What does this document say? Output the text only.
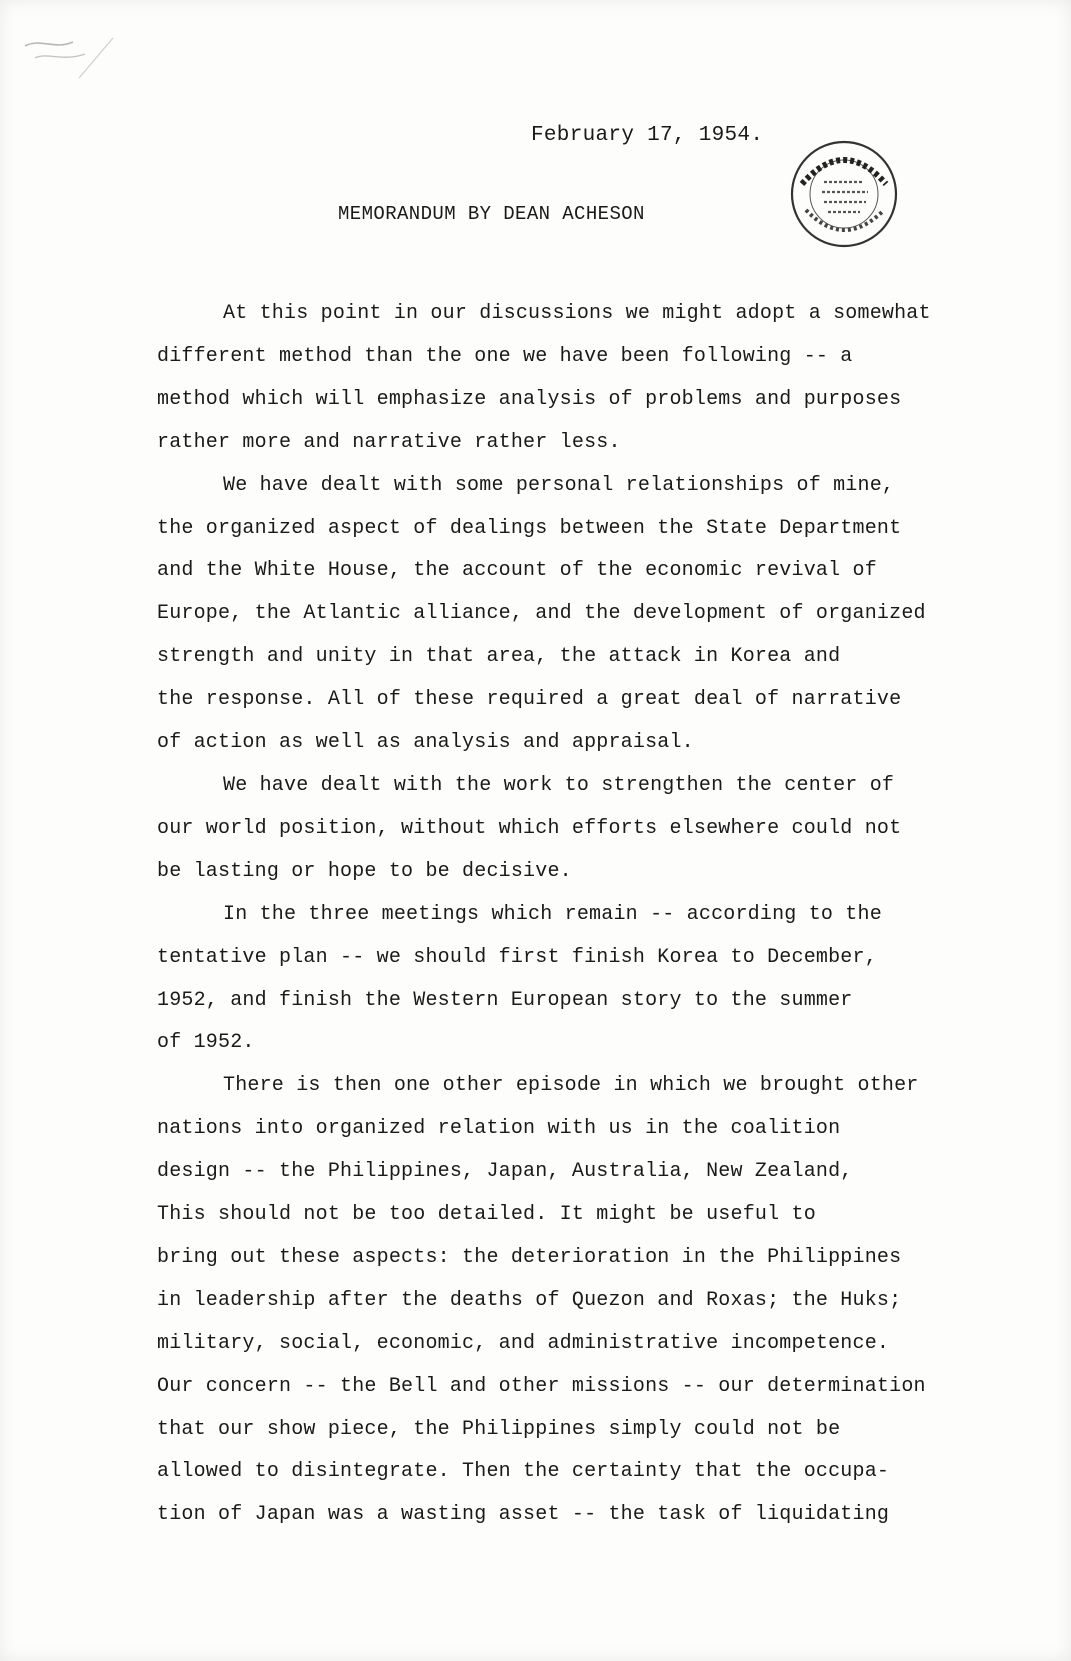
February 17, 1954.
MEMORANDUM BY DEAN ACHESON

At this point in our discussions we might adopt a somewhat
different method than the one we have been following -- a
method which will emphasize analysis of problems and purposes
rather more and narrative rather less.

We have dealt with some personal relationships of mine,
the organized aspect of dealings between the State Department
and the White House, the account of the economic revival of
Europe, the Atlantic alliance, and the development of organized
strength and unity in that area, the attack in Korea and
the response. All of these required a great deal of narrative
of action as well as analysis and appraisal.

We have dealt with the work to strengthen the center of
our world position, without which efforts elsewhere could not
be lasting or hope to be decisive.

In the three meetings which remain -- according to the
tentative plan -- we should first finish Korea to December,
1952, and finish the Western European story to the summer
of 1952.

There is then one other episode in which we brought other
nations into organized relation with us in the coalition
design -- the Philippines, Japan, Australia, New Zealand,
This should not be too detailed. It might be useful to
bring out these aspects: the deterioration in the Philippines
in leadership after the deaths of Quezon and Roxas; the Huks;
military, social, economic, and administrative incompetence.
Our concern -- the Bell and other missions -- our determination
that our show piece, the Philippines simply could not be
allowed to disintegrate. Then the certainty that the occupa-
tion of Japan was a wasting asset -- the task of liquidating
